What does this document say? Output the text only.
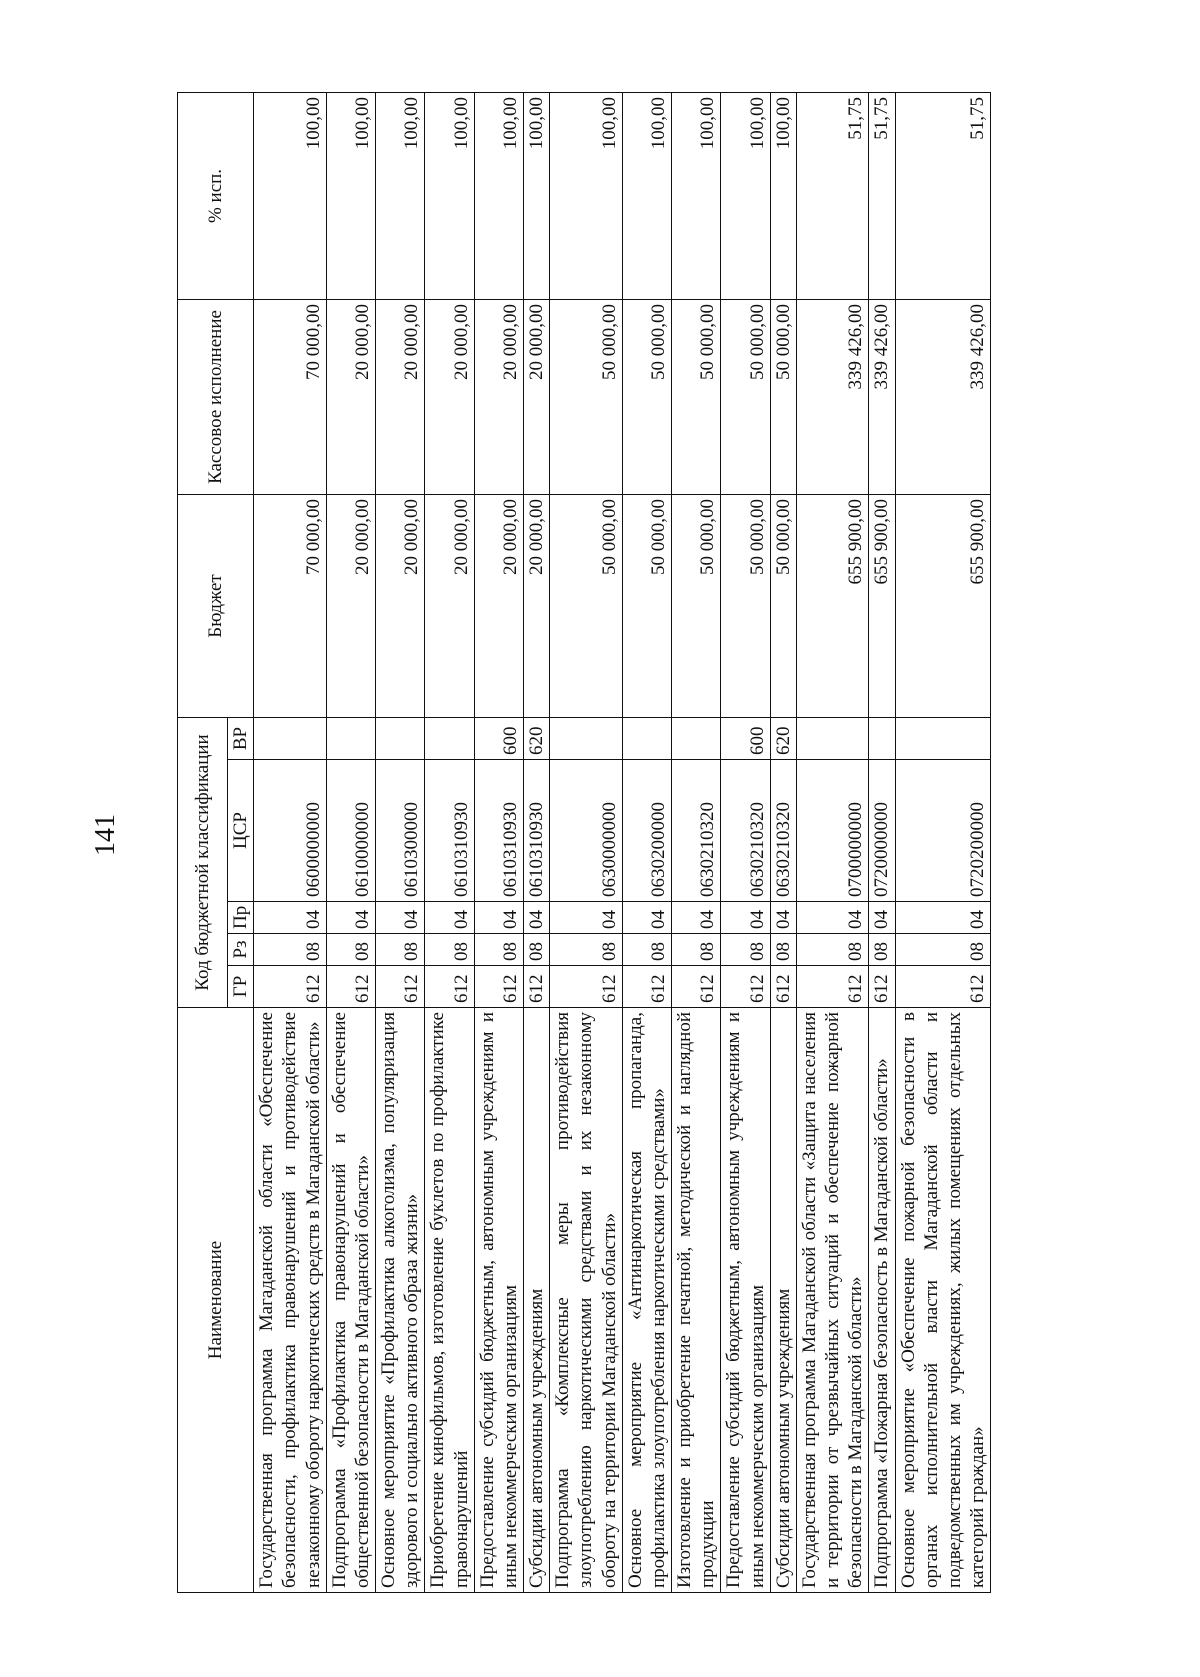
141
Наименование	Код бюджетной классификации					Бюджет	Кассовое исполнение	% исп.
	ГР	Рз	Пр	ЦСР	ВР			
Государственная программа Магаданской области «Обеспечение безопасности, профилактика правонарушений и противодействие незаконному обороту наркотических средств в Магаданской области»	612	08	04	0600000000		70 000,00	70 000,00	100,00
Подпрограмма «Профилактика правонарушений и обеспечение общественной безопасности в Магаданской области»	612	08	04	0610000000		20 000,00	20 000,00	100,00
Основное мероприятие «Профилактика алкоголизма, популяризация здорового и социально активного образа жизни»	612	08	04	0610300000		20 000,00	20 000,00	100,00
Приобретение кинофильмов, изготовление буклетов по профилактике правонарушений	612	08	04	0610310930		20 000,00	20 000,00	100,00
Предоставление субсидий бюджетным, автономным учреждениям и иным некоммерческим организациям	612	08	04	0610310930	600	20 000,00	20 000,00	100,00
Субсидии автономным учреждениям	612	08	04	0610310930	620	20 000,00	20 000,00	100,00
Подпрограмма «Комплексные меры противодействия злоупотреблению наркотическими средствами и их незаконному обороту на территории Магаданской области»	612	08	04	0630000000		50 000,00	50 000,00	100,00
Основное мероприятие «Антинаркотическая пропаганда, профилактика злоупотребления наркотическими средствами»	612	08	04	0630200000		50 000,00	50 000,00	100,00
Изготовление и приобретение печатной, методической и наглядной продукции	612	08	04	0630210320		50 000,00	50 000,00	100,00
Предоставление субсидий бюджетным, автономным учреждениям и иным некоммерческим организациям	612	08	04	0630210320	600	50 000,00	50 000,00	100,00
Субсидии автономным учреждениям	612	08	04	0630210320	620	50 000,00	50 000,00	100,00
Государственная программа Магаданской области «Защита населения и территории от чрезвычайных ситуаций и обеспечение пожарной безопасности в Магаданской области»	612	08	04	0700000000		655 900,00	339 426,00	51,75
Подпрограмма «Пожарная безопасность в Магаданской области»	612	08	04	0720000000		655 900,00	339 426,00	51,75
Основное мероприятие «Обеспечение пожарной безопасности в органах исполнительной власти Магаданской области и подведомственных им учреждениях, жилых помещениях отдельных категорий граждан»	612	08	04	0720200000		655 900,00	339 426,00	51,75
